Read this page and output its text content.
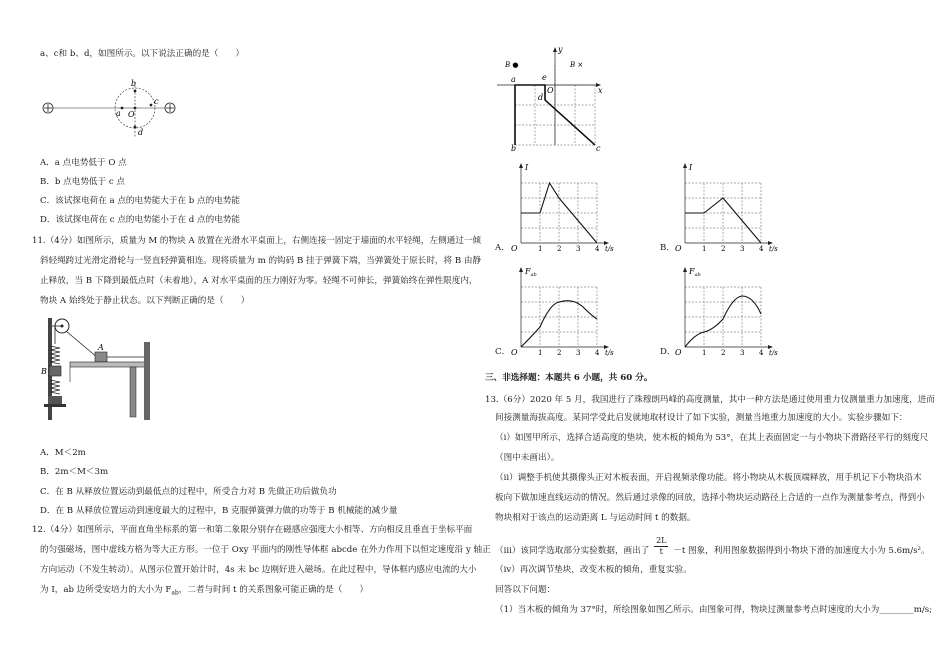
a、c和 b、d，如图所示。以下说法正确的是（　　）
a
b
c
d
O
A．a 点电势低于 O 点
B．b 点电势低于 c 点
C．该试探电荷在 a 点的电势能大于在 b 点的电势能
D．该试探电荷在 c 点的电势能小于在 d 点的电势能
11.（4分）如图所示，质量为 M 的物块 A 放置在光滑水平桌面上，右侧连接一固定于墙面的水平轻绳，左侧通过一倾
斜轻绳跨过光滑定滑轮与一竖直轻弹簧相连。现将质量为 m 的钩码 B 挂于弹簧下端，当弹簧处于原长时，将 B 由静
止释放，当 B 下降到最低点时（未着地），A 对水平桌面的压力刚好为零。轻绳不可伸长，弹簧始终在弹性限度内，
物块 A 始终处于静止状态。以下判断正确的是（　　）
B
A
A．M＜2m
B．2m＜M＜3m
C．在 B 从释放位置运动到最低点的过程中，所受合力对 B 先做正功后做负功
D．在 B 从释放位置运动到速度最大的过程中，B 克服弹簧弹力做的功等于 B 机械能的减少量
12.（4分）如图所示，平面直角坐标系的第一和第二象限分别存在磁感应强度大小相等、方向相反且垂直于坐标平面
的匀强磁场，图中虚线方格为等大正方形。一位于 Oxy 平面内的刚性导体框 abcde 在外力作用下以恒定速度沿 y 轴正
方向运动（不发生转动）。从图示位置开始计时，4s 末 bc 边刚好进入磁场。在此过程中，导体框内感应电流的大小
为 I，ab 边所受安培力的大小为 $F_{ab}$，二者与时间 t 的关系图象可能正确的是（　　）
y
x
O
B ●	B ×
a
b	c
d
e
A．
I
O	1 2 3 4 t/s	B．
I
O	1 2 3 4 t/s
C．
$F_{ab}$
O	1 2 3 4 t/s	D．
$F_{ab}$
O	1 2 3 4 t/s
三、非选择题：本题共 6 小题，共 60 分。
13.（6分）2020 年 5 月，我国进行了珠穆朗玛峰的高度测量，其中一种方法是通过使用重力仪测量重力加速度，进而
间接测量海拔高度。某同学受此启发就地取材设计了如下实验，测量当地重力加速度的大小。实验步骤如下：
（i）如图甲所示，选择合适高度的垫块，使木板的倾角为 53°，在其上表面固定一与小物块下滑路径平行的刻度尺
（图中未画出）。
（ii）调整手机使其摄像头正对木板表面，开启视频录像功能。将小物块从木板顶端释放，用手机记下小物块沿木
板向下做加速直线运动的情况。然后通过录像的回放，选择小物块运动路径上合适的一点作为测量参考点，得到小
物块相对于该点的运动距离 L 与运动时间 t 的数据。
（iii）该同学选取部分实验数据，画出了 $\frac{2L}{t} -t$ 图象，利用图象数据得到小物块下滑的加速度大小为 5.6m/s²。
（iv）再次调节垫块，改变木板的倾角，重复实验。
回答以下问题：
（1）当木板的倾角为 37°时，所绘图象如图乙所示。由图象可得，物块过测量参考点时速度的大小为________m/s;
